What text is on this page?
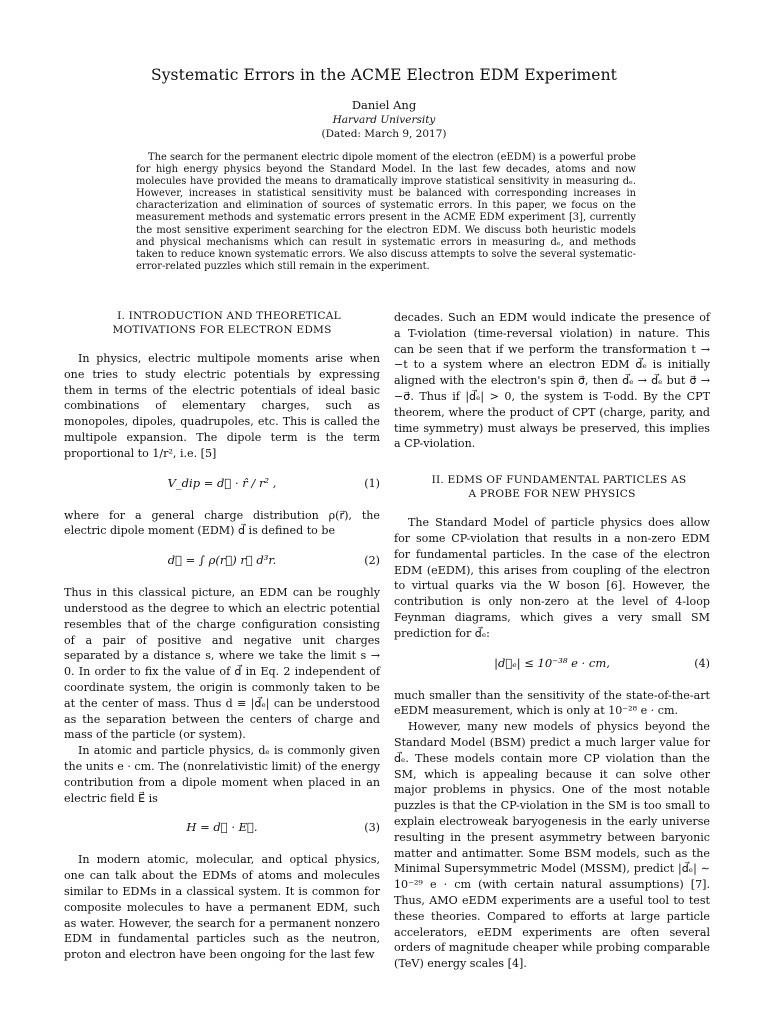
Systematic Errors in the ACME Electron EDM Experiment
Daniel Ang
Harvard University
(Dated: March 9, 2017)

The search for the permanent electric dipole moment of the electron (eEDM) is a powerful probe for high energy physics beyond the Standard Model. In the last few decades, atoms and now molecules have provided the means to dramatically improve statistical sensitivity in measuring dₑ. However, increases in statistical sensitivity must be balanced with corresponding increases in characterization and elimination of sources of systematic errors. In this paper, we focus on the measurement methods and systematic errors present in the ACME EDM experiment [3], currently the most sensitive experiment searching for the electron EDM. We discuss both heuristic models and physical mechanisms which can result in systematic errors in measuring dₑ, and methods taken to reduce known systematic errors. We also discuss attempts to solve the several systematic-error-related puzzles which still remain in the experiment.

I. INTRODUCTION AND THEORETICAL
MOTIVATIONS FOR ELECTRON EDMS

In physics, electric multipole moments arise when one tries to study electric potentials by expressing them in terms of the electric potentials of ideal basic combinations of elementary charges, such as monopoles, dipoles, quadrupoles, etc. This is called the multipole expansion. The dipole term is the term proportional to 1/r², i.e. [5]

V_dip = d⃗ · r̂ / r² ,	(1)

where for a general charge distribution ρ(r⃗), the electric dipole moment (EDM) d⃗ is defined to be

d⃗ = ∫ ρ(r⃗) r⃗ d³r.	(2)

Thus in this classical picture, an EDM can be roughly understood as the degree to which an electric potential resembles that of the charge configuration consisting of a pair of positive and negative unit charges separated by a distance s, where we take the limit s → 0. In order to fix the value of d⃗ in Eq. 2 independent of coordinate system, the origin is commonly taken to be at the center of mass. Thus d ≡ |d⃗ₑ| can be understood as the separation between the centers of charge and mass of the particle (or system).

In atomic and particle physics, dₑ is commonly given the units e · cm. The (nonrelativistic limit) of the energy contribution from a dipole moment when placed in an electric field E⃗ is

H = d⃗ · E⃗.	(3)

In modern atomic, molecular, and optical physics, one can talk about the EDMs of atoms and molecules similar to EDMs in a classical system. It is common for composite molecules to have a permanent EDM, such as water. However, the search for a permanent nonzero EDM in fundamental particles such as the neutron, proton and electron have been ongoing for the last few

decades. Such an EDM would indicate the presence of a T-violation (time-reversal violation) in nature. This can be seen that if we perform the transformation t → −t to a system where an electron EDM d⃗ₑ is initially aligned with the electron's spin σ⃗, then d⃗ₑ → d⃗ₑ but σ⃗ → −σ⃗. Thus if |d⃗ₑ| > 0, the system is T-odd. By the CPT theorem, where the product of CPT (charge, parity, and time symmetry) must always be preserved, this implies a CP-violation.

II. EDMS OF FUNDAMENTAL PARTICLES AS
A PROBE FOR NEW PHYSICS

The Standard Model of particle physics does allow for some CP-violation that results in a non-zero EDM for fundamental particles. In the case of the electron EDM (eEDM), this arises from coupling of the electron to virtual quarks via the W boson [6]. However, the contribution is only non-zero at the level of 4-loop Feynman diagrams, which gives a very small SM prediction for d⃗ₑ:

|d⃗ₑ| ≤ 10⁻³⁸ e · cm,	(4)

much smaller than the sensitivity of the state-of-the-art eEDM measurement, which is only at 10⁻²⁸ e · cm.

However, many new models of physics beyond the Standard Model (BSM) predict a much larger value for d⃗ₑ. These models contain more CP violation than the SM, which is appealing because it can solve other major problems in physics. One of the most notable puzzles is that the CP-violation in the SM is too small to explain electroweak baryogenesis in the early universe resulting in the present asymmetry between baryonic matter and antimatter. Some BSM models, such as the Minimal Supersymmetric Model (MSSM), predict |d⃗ₑ| ∼ 10⁻²⁹ e · cm (with certain natural assumptions) [7]. Thus, AMO eEDM experiments are a useful tool to test these theories. Compared to efforts at large particle accelerators, eEDM experiments are often several orders of magnitude cheaper while probing comparable (TeV) energy scales [4].
